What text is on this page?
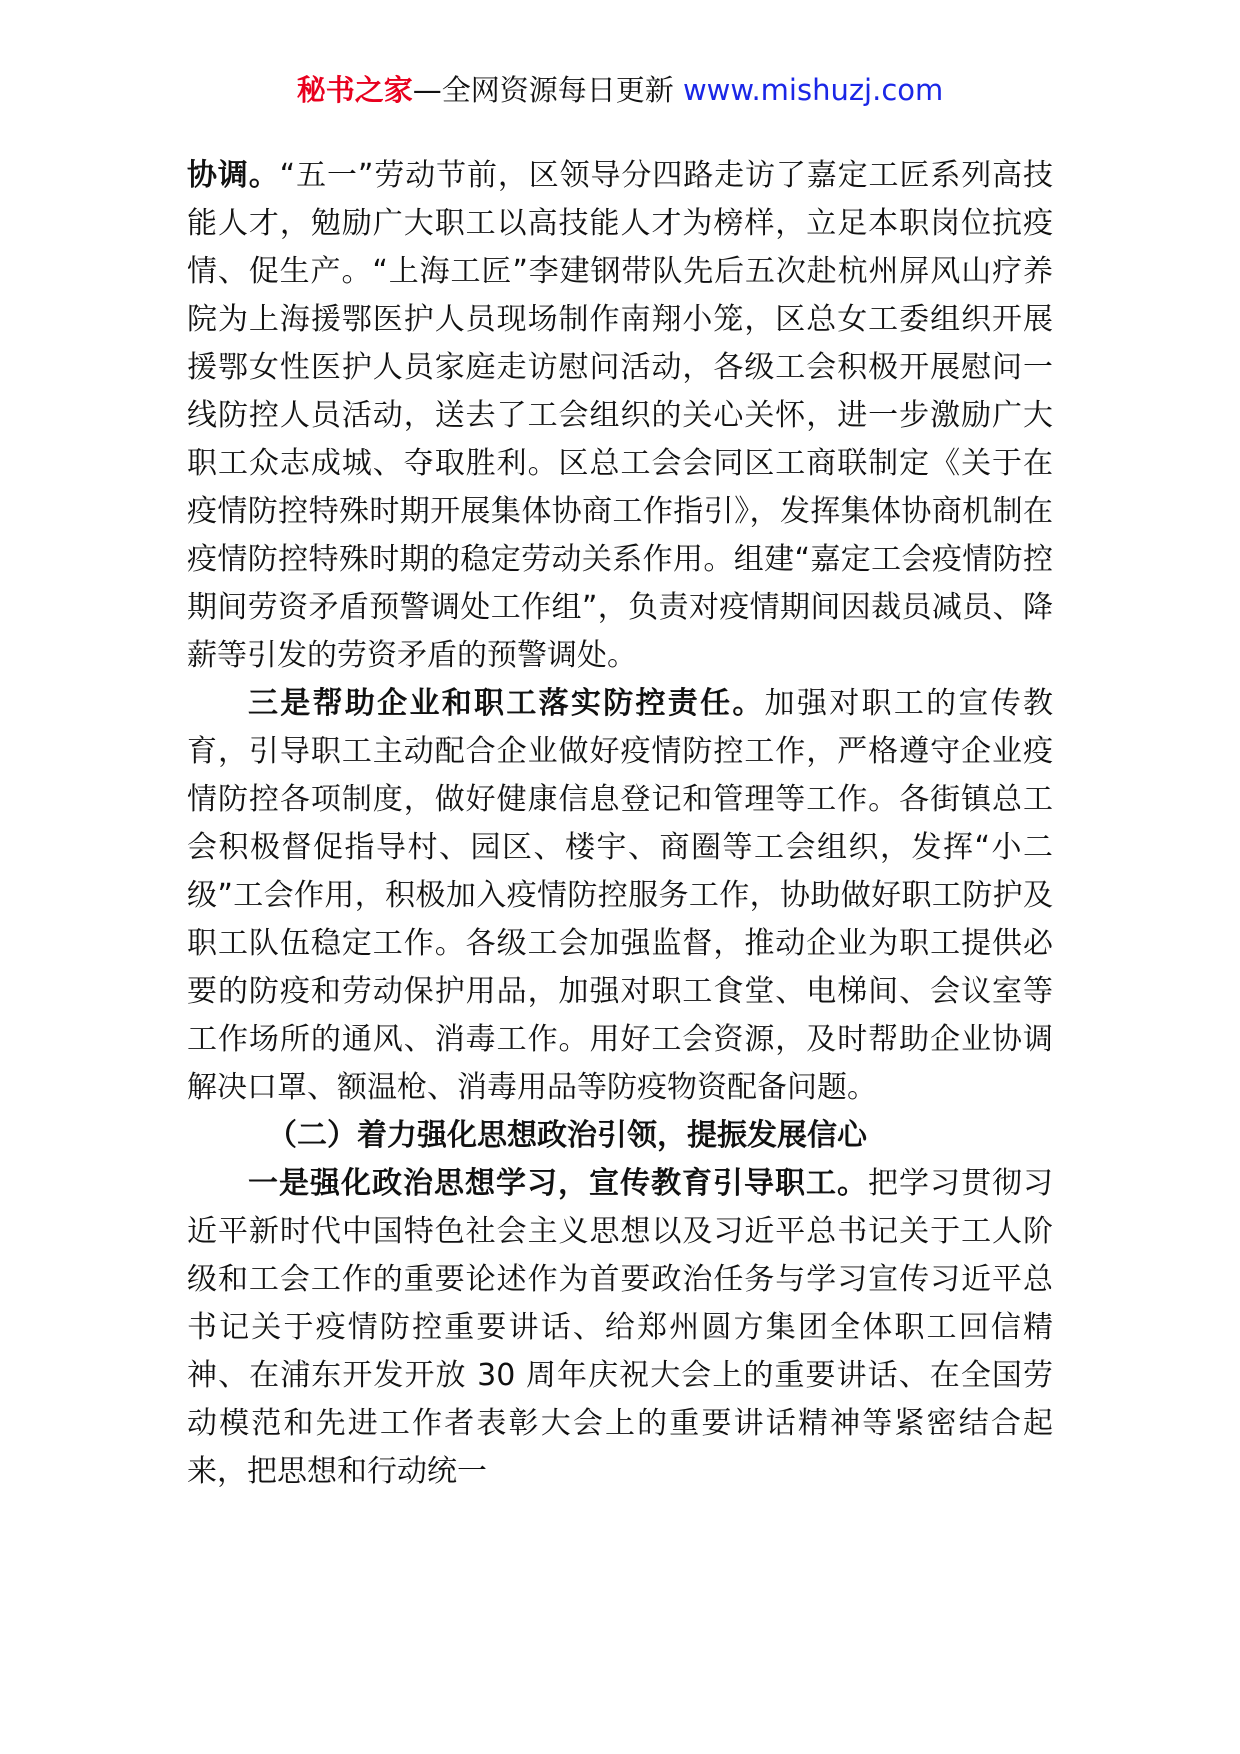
秘书之家—全网资源每日更新 www.mishuzj.com

协调。“五一”劳动节前，区领导分四路走访了嘉定工匠系列高技能人才，勉励广大职工以高技能人才为榜样，立足本职岗位抗疫情、促生产。“上海工匠”李建钢带队先后五次赴杭州屏风山疗养院为上海援鄂医护人员现场制作南翔小笼，区总女工委组织开展援鄂女性医护人员家庭走访慰问活动，各级工会积极开展慰问一线防控人员活动，送去了工会组织的关心关怀，进一步激励广大职工众志成城、夺取胜利。区总工会会同区工商联制定《关于在疫情防控特殊时期开展集体协商工作指引》，发挥集体协商机制在疫情防控特殊时期的稳定劳动关系作用。组建“嘉定工会疫情防控期间劳资矛盾预警调处工作组”，负责对疫情期间因裁员减员、降薪等引发的劳资矛盾的预警调处。

三是帮助企业和职工落实防控责任。加强对职工的宣传教育，引导职工主动配合企业做好疫情防控工作，严格遵守企业疫情防控各项制度，做好健康信息登记和管理等工作。各街镇总工会积极督促指导村、园区、楼宇、商圈等工会组织，发挥“小二级”工会作用，积极加入疫情防控服务工作，协助做好职工防护及职工队伍稳定工作。各级工会加强监督，推动企业为职工提供必要的防疫和劳动保护用品，加强对职工食堂、电梯间、会议室等工作场所的通风、消毒工作。用好工会资源，及时帮助企业协调解决口罩、额温枪、消毒用品等防疫物资配备问题。

（二）着力强化思想政治引领，提振发展信心

一是强化政治思想学习，宣传教育引导职工。把学习贯彻习近平新时代中国特色社会主义思想以及习近平总书记关于工人阶级和工会工作的重要论述作为首要政治任务与学习宣传习近平总书记关于疫情防控重要讲话、给郑州圆方集团全体职工回信精神、在浦东开发开放 30 周年庆祝大会上的重要讲话、在全国劳动模范和先进工作者表彰大会上的重要讲话精神等紧密结合起来，把思想和行动统一
